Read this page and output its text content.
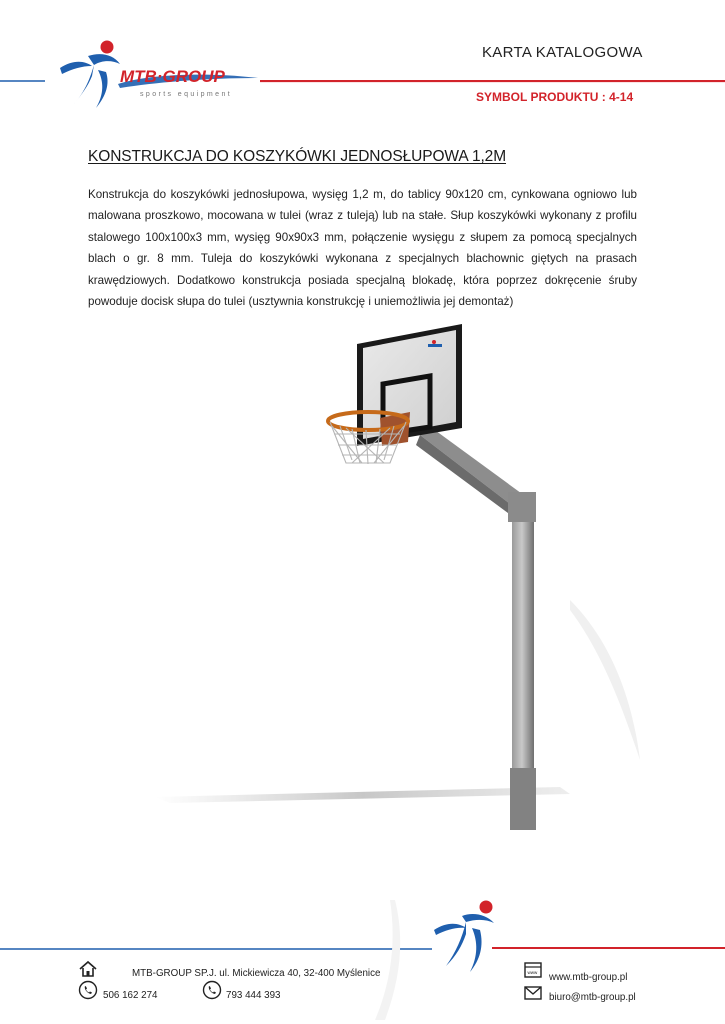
MTB·GROUP
sports equipment
KARTA KATALOGOWA
SYMBOL PRODUKTU : 4-14
KONSTRUKCJA DO KOSZYKÓWKI JEDNOSŁUPOWA 1,2M
Konstrukcja do koszykówki jednosłupowa, wysięg 1,2 m, do tablicy 90x120 cm, cynkowana ogniowo lub malowana proszkowo, mocowana w tulei (wraz z tuleją) lub na stałe. Słup koszykówki wykonany z profilu stalowego 100x100x3 mm, wysięg 90x90x3 mm, połączenie wysięgu z słupem za pomocą specjalnych blach o gr. 8 mm. Tuleja do koszykówki wykonana z specjalnych blachownic giętych na prasach krawędziowych. Dodatkowo konstrukcja posiada specjalną blokadę, która poprzez dokręcenie śruby powoduje docisk słupa do tulei (usztywnia konstrukcję i uniemożliwia jej demontaż)
MTB-GROUP SP.J. ul. Mickiewicza 40, 32-400 Myślenice
506 162 274	793 444 393
www www.mtb-group.pl
biuro@mtb-group.pl
